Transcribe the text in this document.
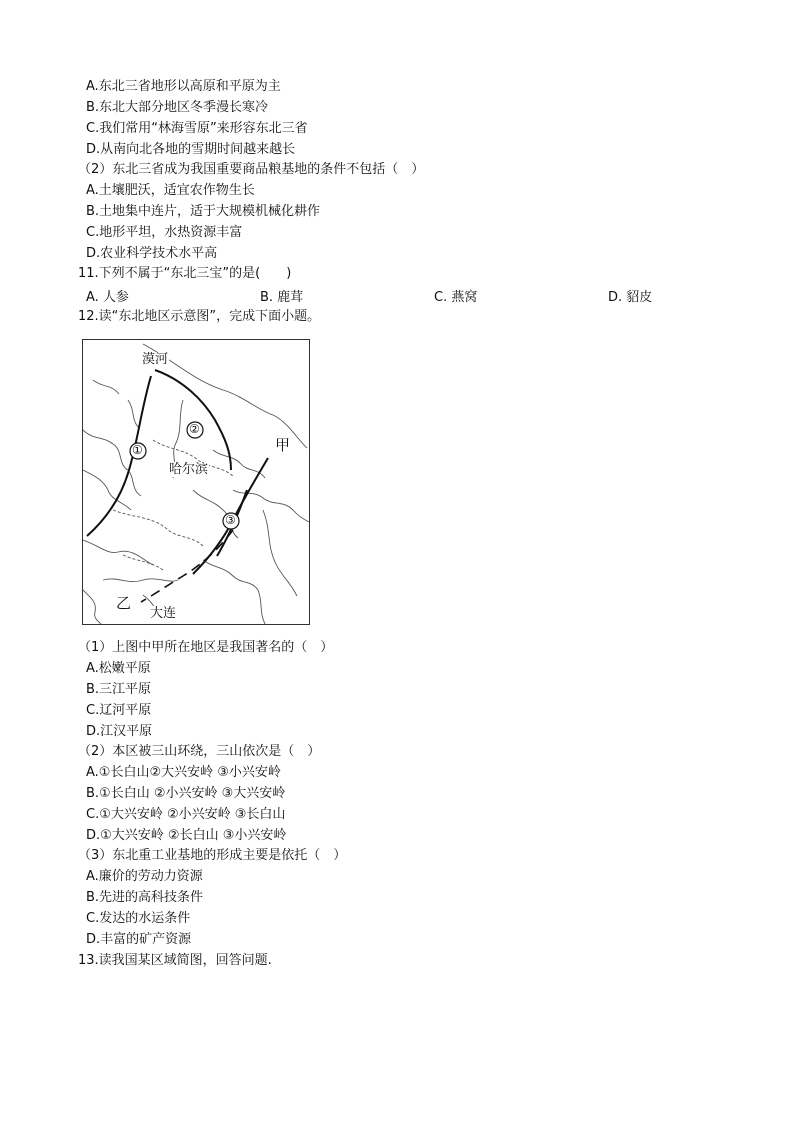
A.东北三省地形以高原和平原为主
B.东北大部分地区冬季漫长寒冷
C.我们常用“林海雪原”来形容东北三省
D.从南向北各地的雪期时间越来越长
（2）东北三省成为我国重要商品粮基地的条件不包括（　）
A.土壤肥沃，适宜农作物生长
B.土地集中连片，适于大规模机械化耕作
C.地形平坦，水热资源丰富
D.农业科学技术水平高
11.下列不属于“东北三宝”的是(　　)
A. 人参	B. 鹿茸	C. 燕窝	D. 貂皮
12.读“东北地区示意图”，完成下面小题。
漠河
哈尔滨
大连
甲
乙
①
②
③
（1）上图中甲所在地区是我国著名的（　）
A.松嫩平原
B.三江平原
C.辽河平原
D.江汉平原
（2）本区被三山环绕，三山依次是（　）
A.①长白山②大兴安岭 ③小兴安岭
B.①长白山 ②小兴安岭 ③大兴安岭
C.①大兴安岭 ②小兴安岭 ③长白山
D.①大兴安岭 ②长白山 ③小兴安岭
（3）东北重工业基地的形成主要是依托（　）
A.廉价的劳动力资源
B.先进的高科技条件
C.发达的水运条件
D.丰富的矿产资源
13.读我国某区域简图，回答问题.
